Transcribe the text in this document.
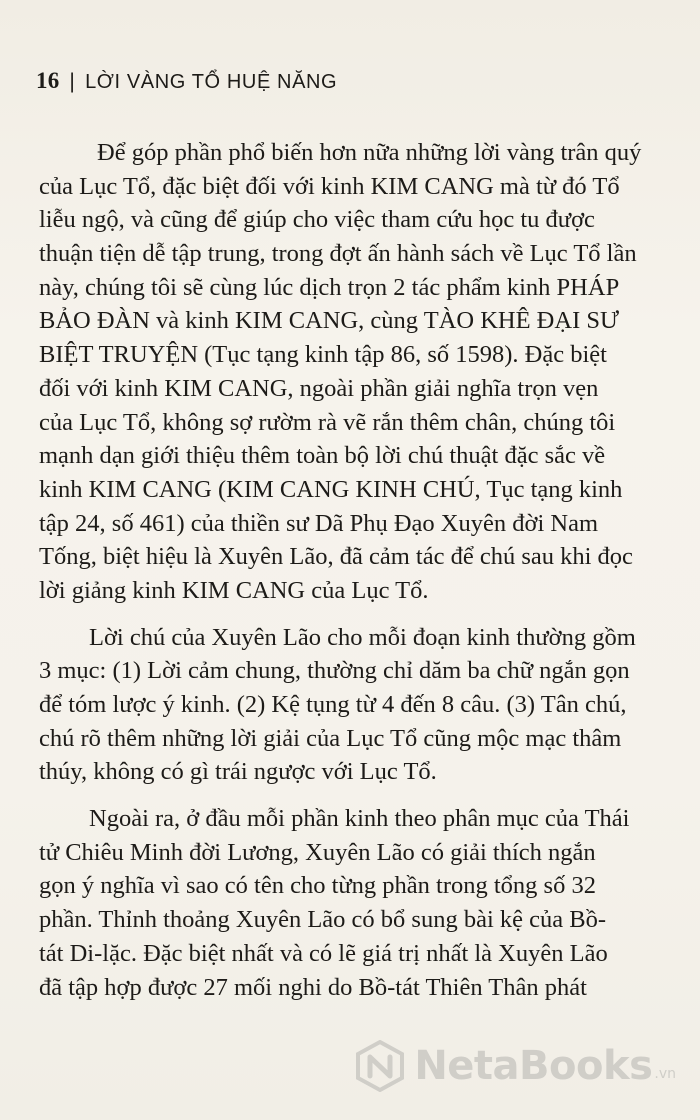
16 | LỜI VÀNG TỔ HUỆ NĂNG

Để góp phần phổ biến hơn nữa những lời vàng trân quý
của Lục Tổ, đặc biệt đối với kinh KIM CANG mà từ đó Tổ
liễu ngộ, và cũng để giúp cho việc tham cứu học tu được
thuận tiện dễ tập trung, trong đợt ấn hành sách về Lục Tổ lần
này, chúng tôi sẽ cùng lúc dịch trọn 2 tác phẩm kinh PHÁP
BẢO ĐÀN và kinh KIM CANG, cùng TÀO KHÊ ĐẠI SƯ
BIỆT TRUYỆN (Tục tạng kinh tập 86, số 1598). Đặc biệt
đối với kinh KIM CANG, ngoài phần giải nghĩa trọn vẹn
của Lục Tổ, không sợ rườm rà vẽ rắn thêm chân, chúng tôi
mạnh dạn giới thiệu thêm toàn bộ lời chú thuật đặc sắc về
kinh KIM CANG (KIM CANG KINH CHÚ, Tục tạng kinh
tập 24, số 461) của thiền sư Dã Phụ Đạo Xuyên đời Nam
Tống, biệt hiệu là Xuyên Lão, đã cảm tác để chú sau khi đọc
lời giảng kinh KIM CANG của Lục Tổ.

Lời chú của Xuyên Lão cho mỗi đoạn kinh thường gồm
3 mục: (1) Lời cảm chung, thường chỉ dăm ba chữ ngắn gọn
để tóm lược ý kinh. (2) Kệ tụng từ 4 đến 8 câu. (3) Tân chú,
chú rõ thêm những lời giải của Lục Tổ cũng mộc mạc thâm
thúy, không có gì trái ngược với Lục Tổ.

Ngoài ra, ở đầu mỗi phần kinh theo phân mục của Thái
tử Chiêu Minh đời Lương, Xuyên Lão có giải thích ngắn
gọn ý nghĩa vì sao có tên cho từng phần trong tổng số 32
phần. Thỉnh thoảng Xuyên Lão có bổ sung bài kệ của Bồ-
tát Di-lặc. Đặc biệt nhất và có lẽ giá trị nhất là Xuyên Lão
đã tập hợp được 27 mối nghi do Bồ-tát Thiên Thân phát

NetaBooks .vn
